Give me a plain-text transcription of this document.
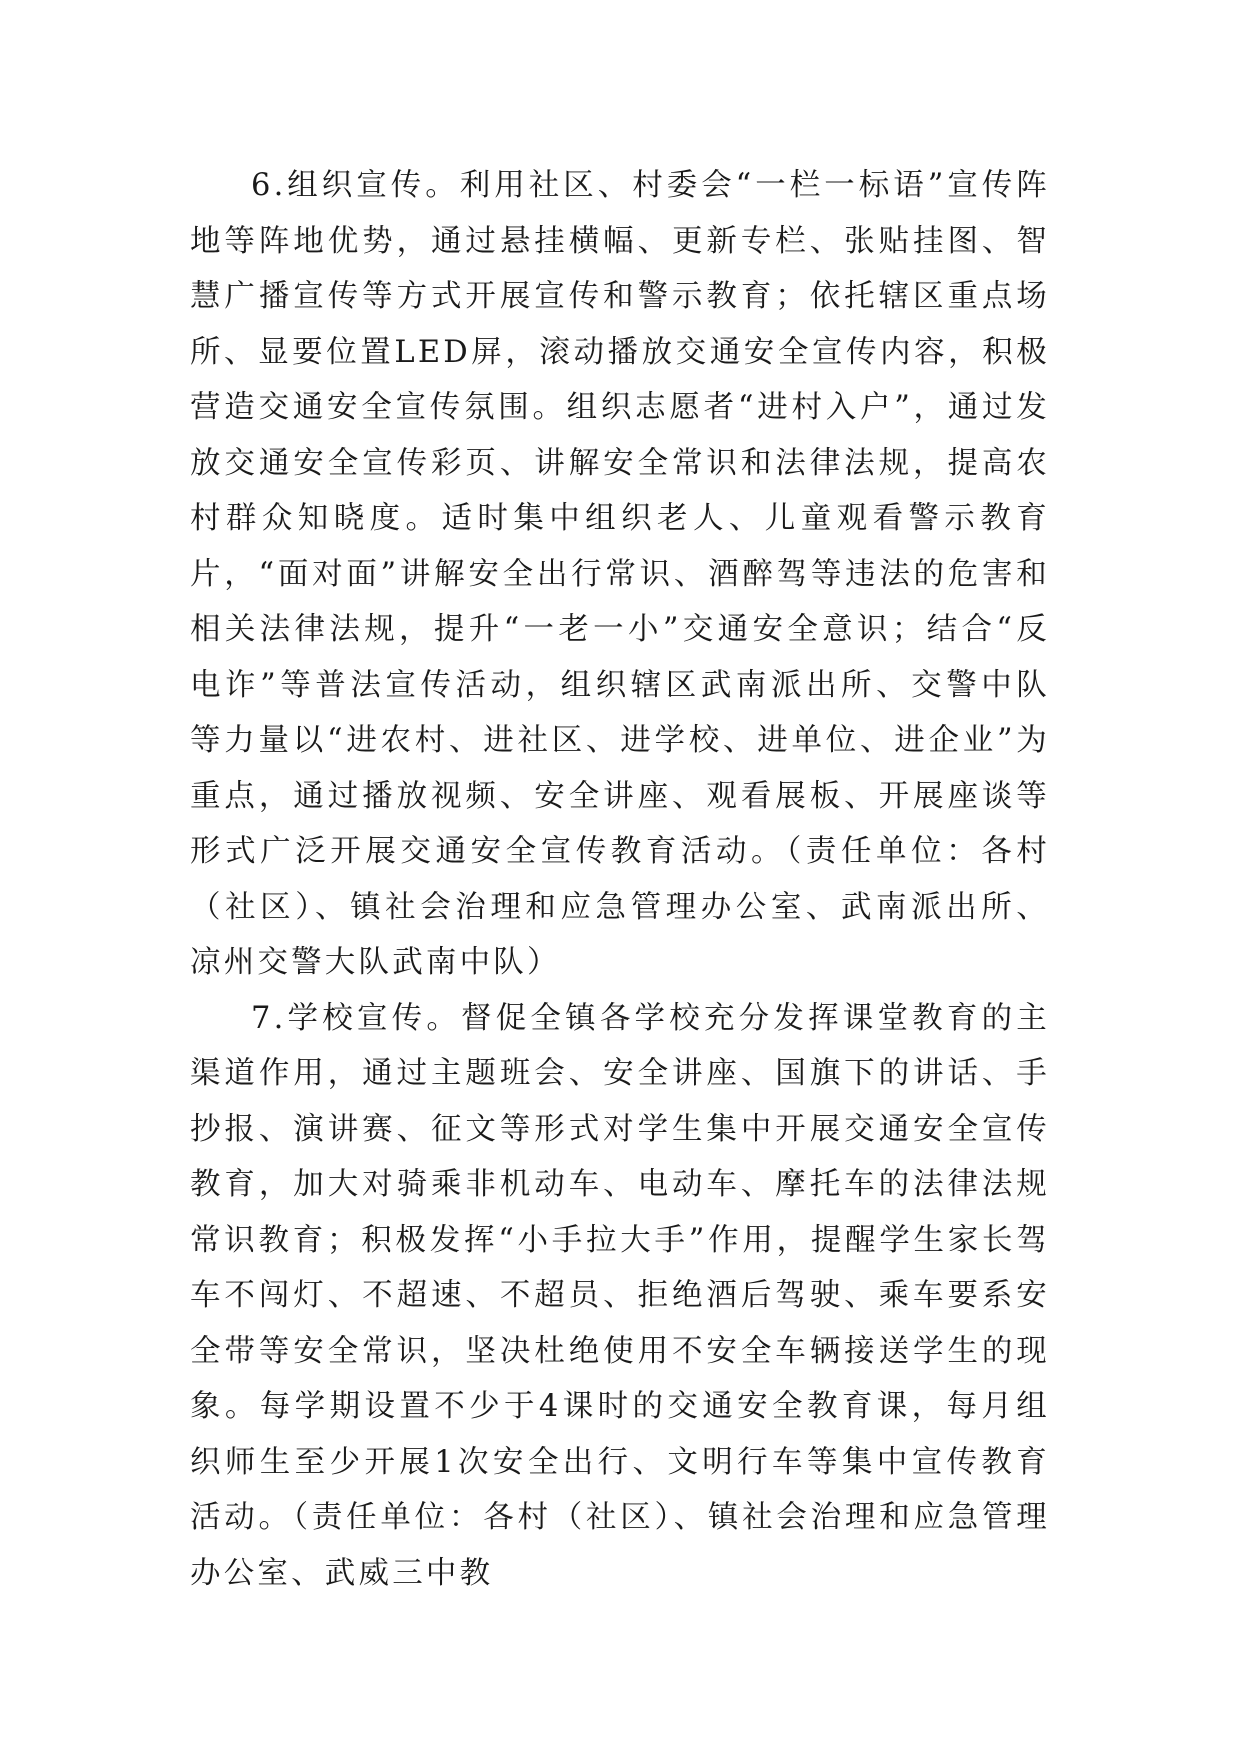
6.组织宣传。利用社区、村委会“一栏一标语”宣传阵地等阵地优势，通过悬挂横幅、更新专栏、张贴挂图、智慧广播宣传等方式开展宣传和警示教育；依托辖区重点场所、显要位置LED屏，滚动播放交通安全宣传内容，积极营造交通安全宣传氛围。组织志愿者“进村入户”，通过发放交通安全宣传彩页、讲解安全常识和法律法规，提高农村群众知晓度。适时集中组织老人、儿童观看警示教育片，“面对面”讲解安全出行常识、酒醉驾等违法的危害和相关法律法规，提升“一老一小”交通安全意识；结合“反电诈”等普法宣传活动，组织辖区武南派出所、交警中队等力量以“进农村、进社区、进学校、进单位、进企业”为重点，通过播放视频、安全讲座、观看展板、开展座谈等形式广泛开展交通安全宣传教育活动。（责任单位：各村（社区）、镇社会治理和应急管理办公室、武南派出所、凉州交警大队武南中队）

7.学校宣传。督促全镇各学校充分发挥课堂教育的主渠道作用，通过主题班会、安全讲座、国旗下的讲话、手抄报、演讲赛、征文等形式对学生集中开展交通安全宣传教育，加大对骑乘非机动车、电动车、摩托车的法律法规常识教育；积极发挥“小手拉大手”作用，提醒学生家长驾车不闯灯、不超速、不超员、拒绝酒后驾驶、乘车要系安全带等安全常识，坚决杜绝使用不安全车辆接送学生的现象。每学期设置不少于4课时的交通安全教育课，每月组织师生至少开展1次安全出行、文明行车等集中宣传教育活动。（责任单位：各村（社区）、镇社会治理和应急管理办公室、武威三中教
